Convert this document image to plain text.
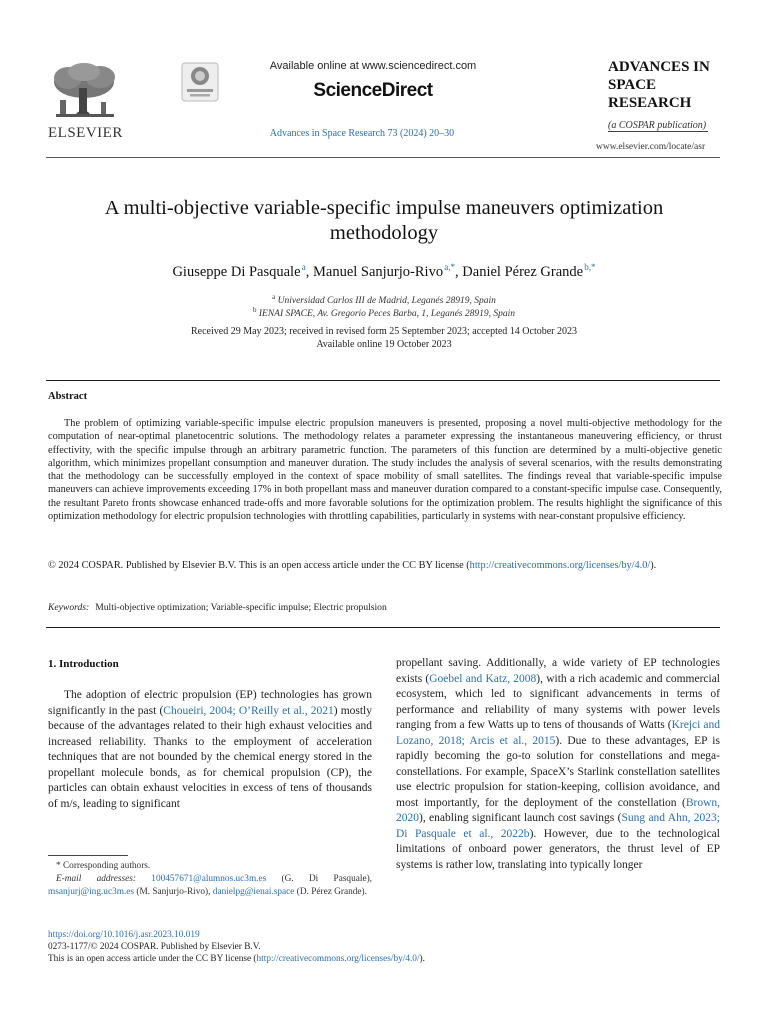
ELSEVIER
Available online at www.sciencedirect.com
ScienceDirect
Advances in Space Research 73 (2024) 20–30
ADVANCES IN
SPACE
RESEARCH
(a COSPAR publication)
www.elsevier.com/locate/asr
A multi-objective variable-specific impulse maneuvers optimization methodology
Giuseppe Di Pasquale $^a$, Manuel Sanjurjo-Rivo $^{a,*}$, Daniel Pérez Grande $^{b,*}$
$^a$ Universidad Carlos III de Madrid, Leganés 28919, Spain
$^b$ IENAI SPACE, Av. Gregorio Peces Barba, 1, Leganés 28919, Spain
Received 29 May 2023; received in revised form 25 September 2023; accepted 14 October 2023
Available online 19 October 2023
Abstract
The problem of optimizing variable-specific impulse electric propulsion maneuvers is presented, proposing a novel multi-objective methodology for the computation of near-optimal planetocentric solutions. The methodology relates a parameter expressing the instantaneous maneuvering efficiency, or thrust effectivity, with the specific impulse through an arbitrary parametric function. The parameters of this function are determined by a multi-objective genetic algorithm, which minimizes propellant consumption and maneuver duration. The study includes the analysis of several scenarios, with the results demonstrating that the methodology can be successfully employed in the context of space mobility of small satellites. The findings reveal that variable-specific impulse maneuvers can achieve improvements exceeding 17% in both propellant mass and maneuver duration compared to a constant-specific impulse case. Consequently, the resultant Pareto fronts showcase enhanced trade-offs and more favorable solutions for the optimization problem. The results highlight the significance of this optimization methodology for electric propulsion technologies with throttling capabilities, particularly in systems with near-constant propulsive efficiency.
© 2024 COSPAR. Published by Elsevier B.V. This is an open access article under the CC BY license (http://creativecommons.org/licenses/by/4.0/).
Keywords: Multi-objective optimization; Variable-specific impulse; Electric propulsion
1. Introduction
The adoption of electric propulsion (EP) technologies has grown significantly in the past (Choueiri, 2004; O’Reilly et al., 2021) mostly because of the advantages related to their high exhaust velocities and increased reliability. Thanks to the employment of acceleration techniques that are not bounded by the chemical energy stored in the propellant molecule bonds, as for chemical propulsion (CP), the particles can obtain exhaust velocities in excess of tens of thousands of m/s, leading to significant
propellant saving. Additionally, a wide variety of EP technologies exists (Goebel and Katz, 2008), with a rich academic and commercial ecosystem, which led to significant advancements in terms of performance and reliability of many systems with power levels ranging from a few Watts up to tens of thousands of Watts (Krejci and Lozano, 2018; Arcis et al., 2015). Due to these advantages, EP is rapidly becoming the go-to solution for constellations and mega-constellations. For example, SpaceX’s Starlink constellation satellites use electric propulsion for station-keeping, collision avoidance, and most importantly, for the deployment of the constellation (Brown, 2020), enabling significant launch cost savings (Sung and Ahn, 2023; Di Pasquale et al., 2022b). However, due to the technological limitations of onboard power generators, the thrust level of EP systems is rather low, translating into typically longer
* Corresponding authors.
E-mail addresses: 100457671@alumnos.uc3m.es (G. Di Pasquale), msanjurj@ing.uc3m.es (M. Sanjurjo-Rivo), danielpg@ienai.space (D. Pérez Grande).
https://doi.org/10.1016/j.asr.2023.10.019
0273-1177/© 2024 COSPAR. Published by Elsevier B.V.
This is an open access article under the CC BY license (http://creativecommons.org/licenses/by/4.0/).
